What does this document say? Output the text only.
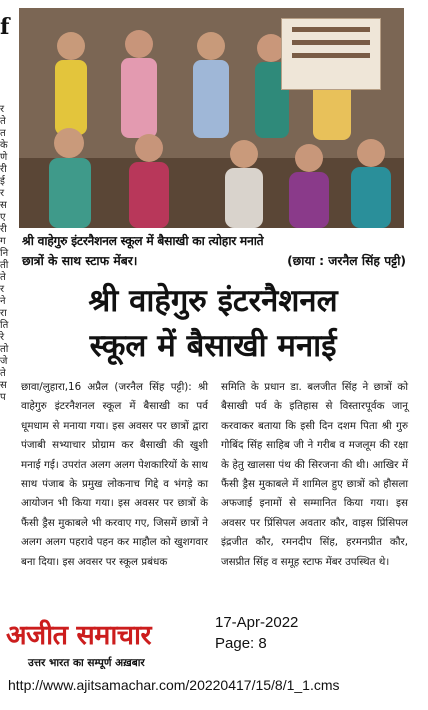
f
र
ते
त
के
णे
री
ई
र
स
ए
री
ग
नि
ती
ते
र
ने
रा
ति
रे
तो
जे
ते
स
प
श्री वाहेगुरु इंटरनैशनल स्कूल में बैसाखी का त्योहार मनाते
छात्रों के साथ स्टाफ मेंबर।	(छाया : जरनैल सिंह पट्टी)
श्री वाहेगुरु इंटरनैशनल
स्कूल में बैसाखी मनाई
छावा/लुहारा,16 अप्रैल (जरनैल सिंह पट्टी): श्री वाहेगुरु इंटरनैशनल स्कूल में बैसाखी का पर्व धूमधाम से मनाया गया। इस अवसर पर छात्रों द्वारा पंजाबी सभ्याचार प्रोग्राम कर बैसाखी की खुशी मनाई गई। उपरांत अलग अलग पेशकारियों के साथ साथ पंजाब के प्रमुख लोकनाच गिद्दे व भंगड़े का आयोजन भी किया गया। इस अवसर पर छात्रों के फैंसी ड्रैस मुकाबले भी करवाए गए, जिसमें छात्रों ने अलग अलग पहरावे पहन कर माहौल को खुशगवार बना दिया। इस अवसर पर स्कूल प्रबंधक
समिति के प्रधान डा. बलजीत सिंह ने छात्रों को बैसाखी पर्व के इतिहास से विस्तारपूर्वक जानू करवाकर बताया कि इसी दिन दशम पिता श्री गुरु गोबिंद सिंह साहिब जी ने गरीब व मजलूम की रक्षा के हेतु खालसा पंथ की सिरजना की थी। आखिर में फैंसी ड्रैस मुकाबले में शामिल हुए छात्रों को हौसला अफजाई इनामों से सम्मानित किया गया। इस अवसर पर प्रिंसिपल अवतार कौर, वाइस प्रिंसिपल इंद्रजीत कौर, रमनदीप सिंह, हरमनप्रीत कौर, जसप्रीत सिंह व समूह स्टाफ मेंबर उपस्थित थे।
अजीत समाचार
उत्तर भारत का सम्पूर्ण अख़बार
17-Apr-2022
Page: 8
http://www.ajitsamachar.com/20220417/15/8/1_1.cms
